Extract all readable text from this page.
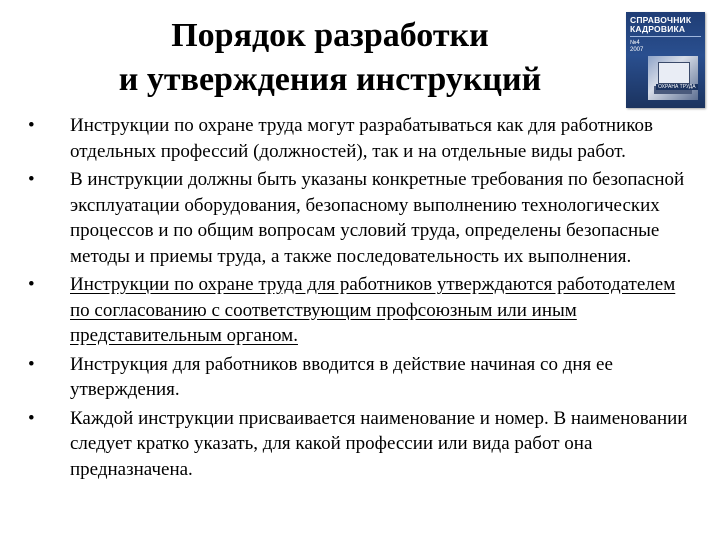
Порядок разработки
и утверждения инструкций
СПРАВОЧНИК
КАДРОВИКА
№4
2007
ОХРАНА ТРУДА
• Инструкции по охране труда могут разрабатываться как для работников отдельных профессий (должностей), так и на отдельные виды работ.
• В инструкции должны быть указаны конкретные требования по безопасной эксплуатации оборудования, безопасному выполнению технологических процессов и по общим вопросам условий труда, определены безопасные методы и приемы труда, а также последовательность их выполнения.
• Инструкции по охране труда для работников утверждаются работодателем по согласованию с соответствующим профсоюзным или иным представительным органом.
• Инструкция для работников вводится в действие начиная со дня ее утверждения.
• Каждой инструкции присваивается наименование и номер. В наименовании следует кратко указать, для какой профессии или вида работ она предназначена.
